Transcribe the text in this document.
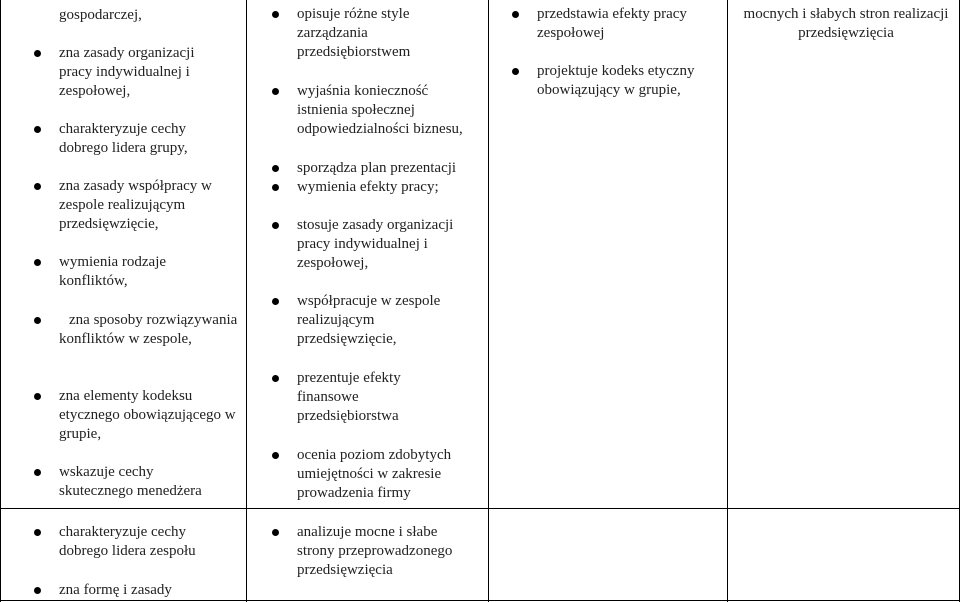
gospodarczej,
zna zasady organizacji pracy indywidualnej i zespołowej,
charakteryzuje cechy dobrego lidera grupy,
zna zasady współpracy w zespole realizującym przedsięwzięcie,
wymienia rodzaje konfliktów,
zna sposoby rozwiązywania konfliktów w zespole,
zna elementy kodeksu etycznego obowiązującego w grupie,
wskazuje cechy skutecznego menedżera
charakteryzuje cechy dobrego lidera zespołu
zna formę i zasady
opisuje różne style zarządzania przedsiębiorstwem
wyjaśnia konieczność istnienia społecznej odpowiedzialności biznesu,
sporządza plan prezentacji
wymienia efekty pracy;
stosuje zasady organizacji pracy indywidualnej i zespołowej,
współpracuje w zespole realizującym przedsięwzięcie,
prezentuje efekty finansowe przedsiębiorstwa
ocenia poziom zdobytych umiejętności w zakresie prowadzenia firmy
analizuje mocne i słabe strony przeprowadzonego przedsięwzięcia
przedstawia efekty pracy zespołowej
projektuje kodeks etyczny obowiązujący w grupie,
mocnych i słabych stron realizacji przedsięwzięcia
